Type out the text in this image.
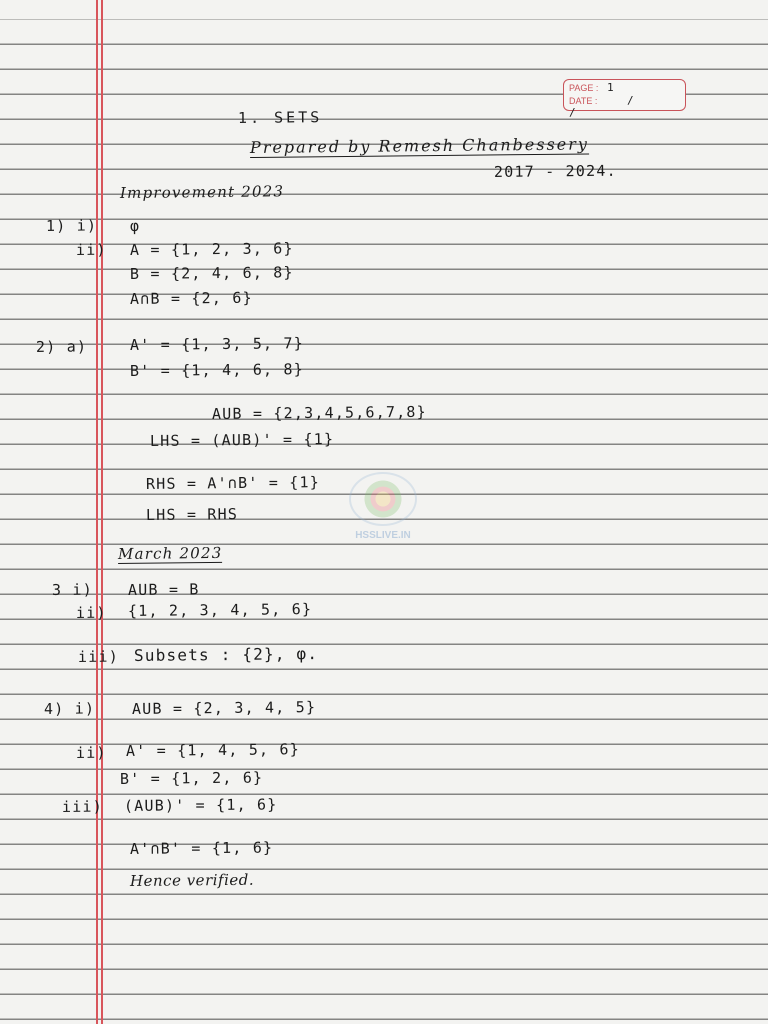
PAGE : 1
DATE :	/ /
1. SETS
Prepared by Remesh Chanbessery
2017 - 2024.
Improvement 2023
1) i) φ
ii) A = {1, 2, 3, 6}
B = {2, 4, 6, 8}
A∩B = {2, 6}
2) a)	A' = {1, 3, 5, 7}
B' = {1, 4, 6, 8}
AUB = {2,3,4,5,6,7,8}
LHS = (AUB)' = {1}
RHS = A'∩B' = {1}
LHS = RHS
March 2023
3 i) AUB = B
ii) {1, 2, 3, 4, 5, 6}
iii) Subsets : {2}, φ.
4) i) AUB = {2, 3, 4, 5}
ii) A' = {1, 4, 5, 6}
B' = {1, 2, 6}
iii) (AUB)' = {1, 6}
A'∩B' = {1, 6}
Hence verified.
HSSLIVE.IN
